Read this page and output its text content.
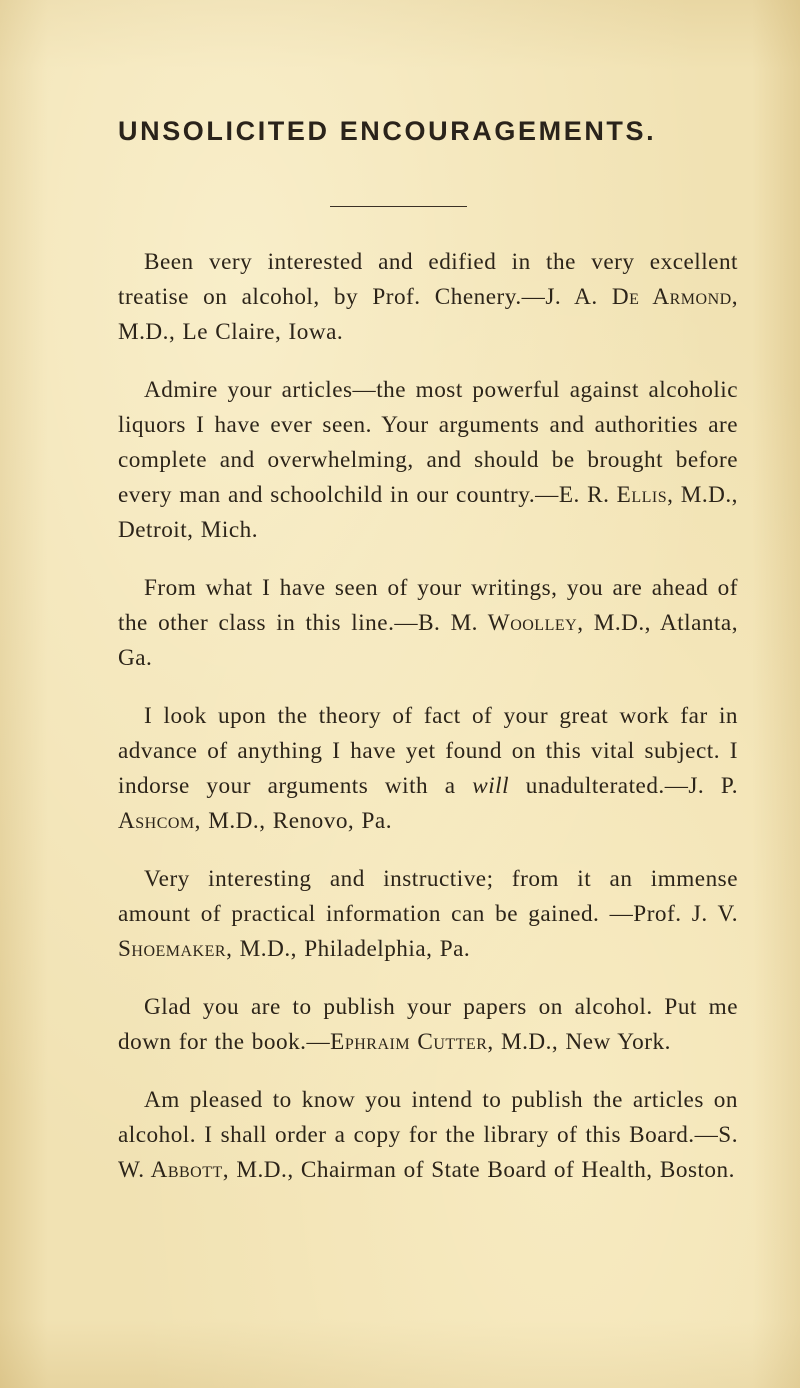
UNSOLICITED ENCOURAGEMENTS.

Been very interested and edified in the very excellent treatise on alcohol, by Prof. Chenery.—J. A. De Armond, M.D., Le Claire, Iowa.

Admire your articles—the most powerful against alcoholic liquors I have ever seen. Your arguments and authorities are complete and overwhelming, and should be brought before every man and schoolchild in our country.—E. R. Ellis, M.D., Detroit, Mich.

From what I have seen of your writings, you are ahead of the other class in this line.—B. M. Woolley, M.D., Atlanta, Ga.

I look upon the theory of fact of your great work far in advance of anything I have yet found on this vital subject. I indorse your arguments with a will unadulterated.—J. P. Ashcom, M.D., Renovo, Pa.

Very interesting and instructive; from it an immense amount of practical information can be gained. —Prof. J. V. Shoemaker, M.D., Philadelphia, Pa.

Glad you are to publish your papers on alcohol. Put me down for the book.—Ephraim Cutter, M.D., New York.

Am pleased to know you intend to publish the articles on alcohol. I shall order a copy for the library of this Board.—S. W. Abbott, M.D., Chairman of State Board of Health, Boston.
